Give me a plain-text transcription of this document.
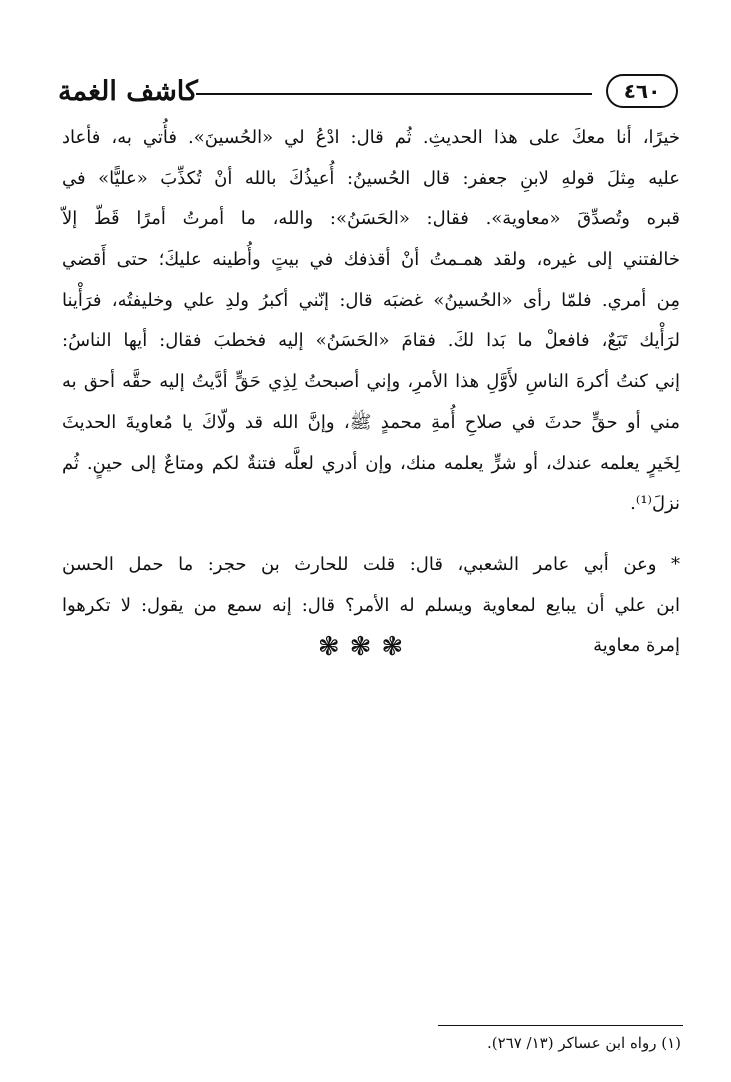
كاشف الغمة	٤٦٠
خيرًا، أنا معكَ على هذا الحديثِ. ثُم قال: ادْعُ لي «الحُسينَ». فأُتي به، فأعاد
عليه مِثلَ قولهِ لابنِ جعفر: قال الحُسينُ: أُعيذُكَ بالله أنْ تُكذِّبَ «عليًّا» في
قبره وتُصدِّقَ «معاوية». فقال: «الحَسَنُ»: والله، ما أمرتُ أمرًا قَطّ إلاّ
خالفتني إلى غيره، ولقد همـمتُ أنْ أقذفك في بيتٍ وأُطينه عليكَ؛ حتى أَقضي
مِن أمري. فلمّا رأى «الحُسينُ» غضبَه قال: إنّني أكبرُ ولدِ علي وخليفتُه، فرَأْينا
لرَأْيك تَبَعٌ، فافعلْ ما بَدا لكَ. فقامَ «الحَسَنُ» إليه فخطبَ فقال: أيها الناسُ:
إني كنتُ أكرهَ الناسِ لأَوَّلِ هذا الأمرِ، وإني أصبحتُ لِذِي حَقٍّ أدَّيتُ إليه حقَّه أحق به
مني أو حقٍّ حدثَ في صلاحِ أُمةِ محمدٍ ﷺ، وإنَّ الله قد ولّاكَ يا مُعاويةَ الحديثَ
لِخَيرٍ يعلمه عندك، أو شرٍّ يعلمه منك، وإن أدري لعلَّه فتنةٌ لكم ومتاعٌ إلى حينٍ. ثُم
نزلَ⁽¹⁾.
* وعن أبي عامر الشعبي، قال: قلت للحارث بن حجر: ما حمل الحسن
ابن علي أن يبايع لمعاوية ويسلم له الأمر؟ قال: إنه سمع من يقول: لا تكرهوا
إمرة معاوية
❃❃❃
(١) رواه ابن عساكر (١٣/ ٢٦٧).
